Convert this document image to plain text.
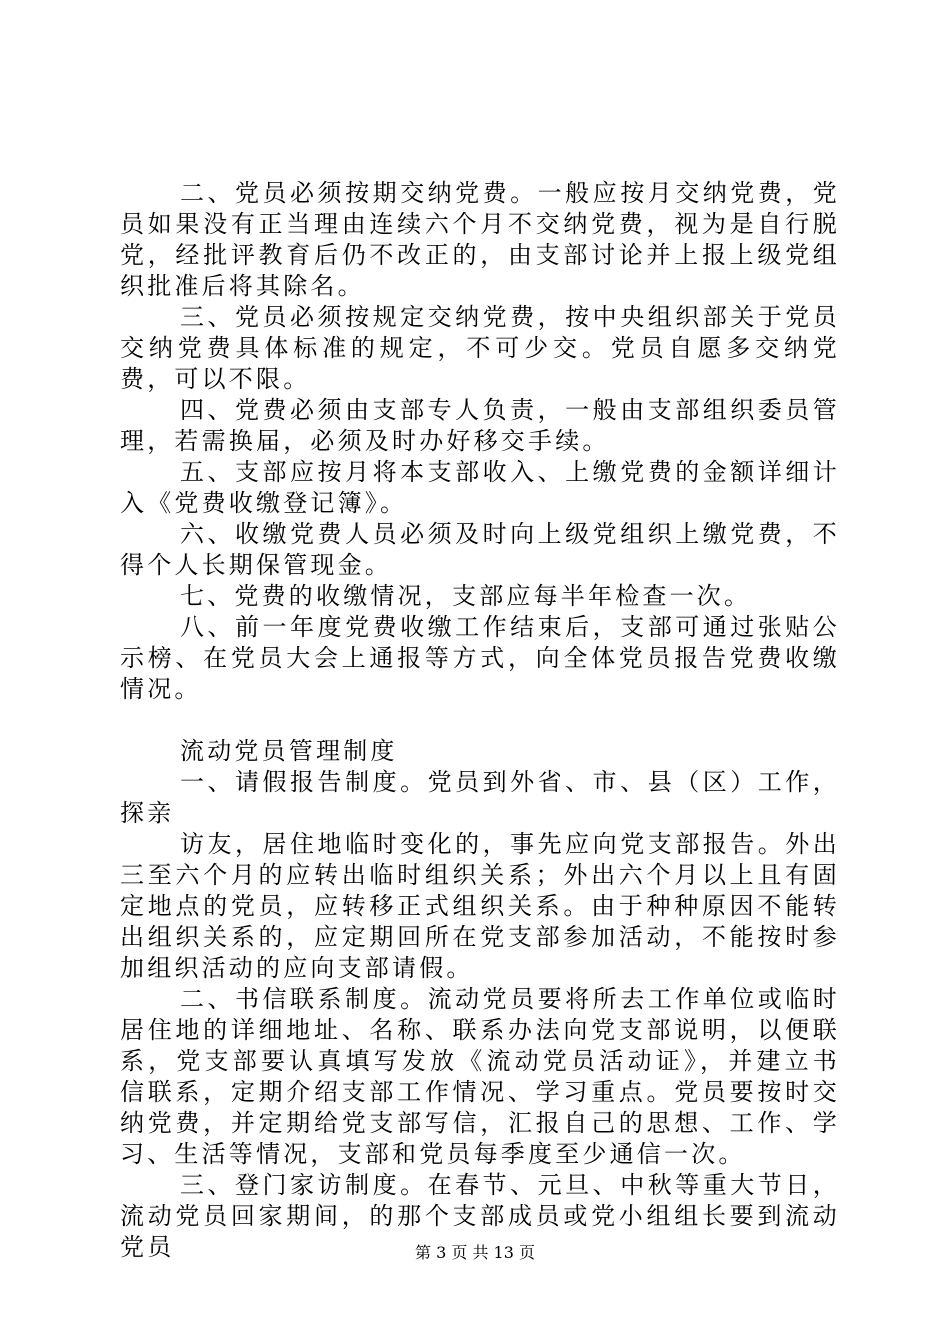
二、党员必须按期交纳党费。一般应按月交纳党费，党员如果没有正当理由连续六个月不交纳党费，视为是自行脱党，经批评教育后仍不改正的，由支部讨论并上报上级党组织批准后将其除名。

三、党员必须按规定交纳党费，按中央组织部关于党员交纳党费具体标准的规定，不可少交。党员自愿多交纳党费，可以不限。

四、党费必须由支部专人负责，一般由支部组织委员管理，若需换届，必须及时办好移交手续。

五、支部应按月将本支部收入、上缴党费的金额详细计入《党费收缴登记簿》。

六、收缴党费人员必须及时向上级党组织上缴党费，不得个人长期保管现金。

七、党费的收缴情况，支部应每半年检查一次。

八、前一年度党费收缴工作结束后，支部可通过张贴公示榜、在党员大会上通报等方式，向全体党员报告党费收缴情况。

流动党员管理制度

一、请假报告制度。党员到外省、市、县（区）工作，探亲

访友，居住地临时变化的，事先应向党支部报告。外出三至六个月的应转出临时组织关系；外出六个月以上且有固定地点的党员，应转移正式组织关系。由于种种原因不能转出组织关系的，应定期回所在党支部参加活动，不能按时参加组织活动的应向支部请假。

二、书信联系制度。流动党员要将所去工作单位或临时居住地的详细地址、名称、联系办法向党支部说明，以便联系，党支部要认真填写发放《流动党员活动证》，并建立书信联系，定期介绍支部工作情况、学习重点。党员要按时交纳党费，并定期给党支部写信，汇报自己的思想、工作、学习、生活等情况，支部和党员每季度至少通信一次。

三、登门家访制度。在春节、元旦、中秋等重大节日，流动党员回家期间，的那个支部成员或党小组组长要到流动党员	第 3 页 共 13 页
